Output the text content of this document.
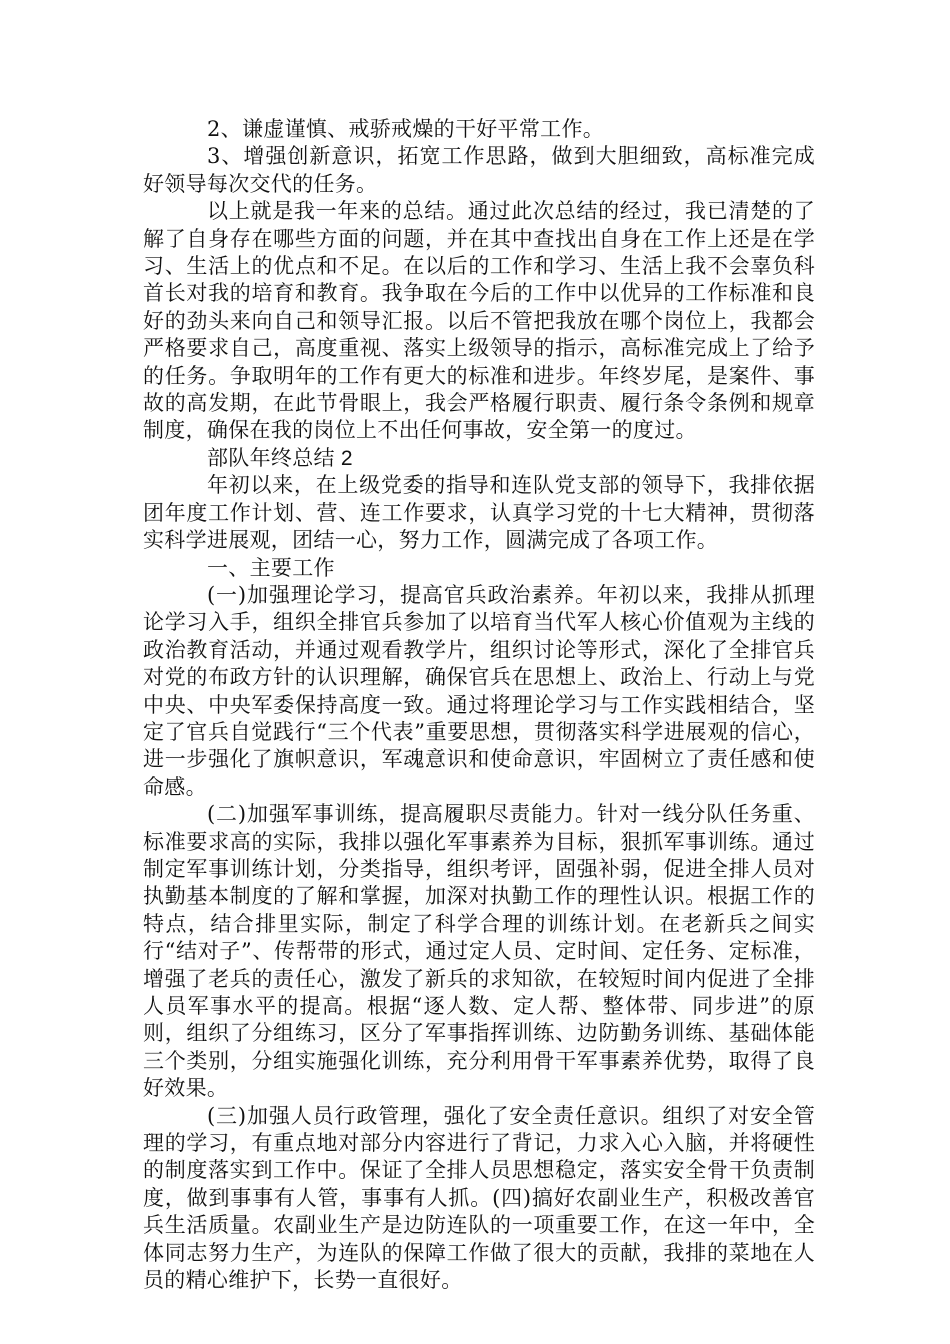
2、谦虚谨慎、戒骄戒燥的干好平常工作。

3、增强创新意识，拓宽工作思路，做到大胆细致，高标准完成好领导每次交代的任务。

以上就是我一年来的总结。通过此次总结的经过，我已清楚的了解了自身存在哪些方面的问题，并在其中查找出自身在工作上还是在学习、生活上的优点和不足。在以后的工作和学习、生活上我不会辜负科首长对我的培育和教育。我争取在今后的工作中以优异的工作标准和良好的劲头来向自己和领导汇报。以后不管把我放在哪个岗位上，我都会严格要求自己，高度重视、落实上级领导的指示，高标准完成上了给予的任务。争取明年的工作有更大的标准和进步。年终岁尾，是案件、事故的高发期，在此节骨眼上，我会严格履行职责、履行条令条例和规章制度，确保在我的岗位上不出任何事故，安全第一的度过。

部队年终总结 2

年初以来，在上级党委的指导和连队党支部的领导下，我排依据团年度工作计划、营、连工作要求，认真学习党的十七大精神，贯彻落实科学进展观，团结一心，努力工作，圆满完成了各项工作。

一、主要工作

(一)加强理论学习，提高官兵政治素养。年初以来，我排从抓理论学习入手，组织全排官兵参加了以培育当代军人核心价值观为主线的政治教育活动，并通过观看教学片，组织讨论等形式，深化了全排官兵对党的布政方针的认识理解，确保官兵在思想上、政治上、行动上与党中央、中央军委保持高度一致。通过将理论学习与工作实践相结合，坚定了官兵自觉践行“三个代表”重要思想，贯彻落实科学进展观的信心，进一步强化了旗帜意识，军魂意识和使命意识，牢固树立了责任感和使命感。

(二)加强军事训练，提高履职尽责能力。针对一线分队任务重、标准要求高的实际，我排以强化军事素养为目标，狠抓军事训练。通过制定军事训练计划，分类指导，组织考评，固强补弱，促进全排人员对执勤基本制度的了解和掌握，加深对执勤工作的理性认识。根据工作的特点，结合排里实际，制定了科学合理的训练计划。在老新兵之间实行“结对子”、传帮带的形式，通过定人员、定时间、定任务、定标准，增强了老兵的责任心，激发了新兵的求知欲，在较短时间内促进了全排人员军事水平的提高。根据“逐人数、定人帮、整体带、同步进”的原则，组织了分组练习，区分了军事指挥训练、边防勤务训练、基础体能三个类别，分组实施强化训练，充分利用骨干军事素养优势，取得了良好效果。

(三)加强人员行政管理，强化了安全责任意识。组织了对安全管理的学习，有重点地对部分内容进行了背记，力求入心入脑，并将硬性的制度落实到工作中。保证了全排人员思想稳定，落实安全骨干负责制度，做到事事有人管，事事有人抓。(四)搞好农副业生产，积极改善官兵生活质量。农副业生产是边防连队的一项重要工作，在这一年中，全体同志努力生产，为连队的保障工作做了很大的贡献，我排的菜地在人员的精心维护下，长势一直很好。
